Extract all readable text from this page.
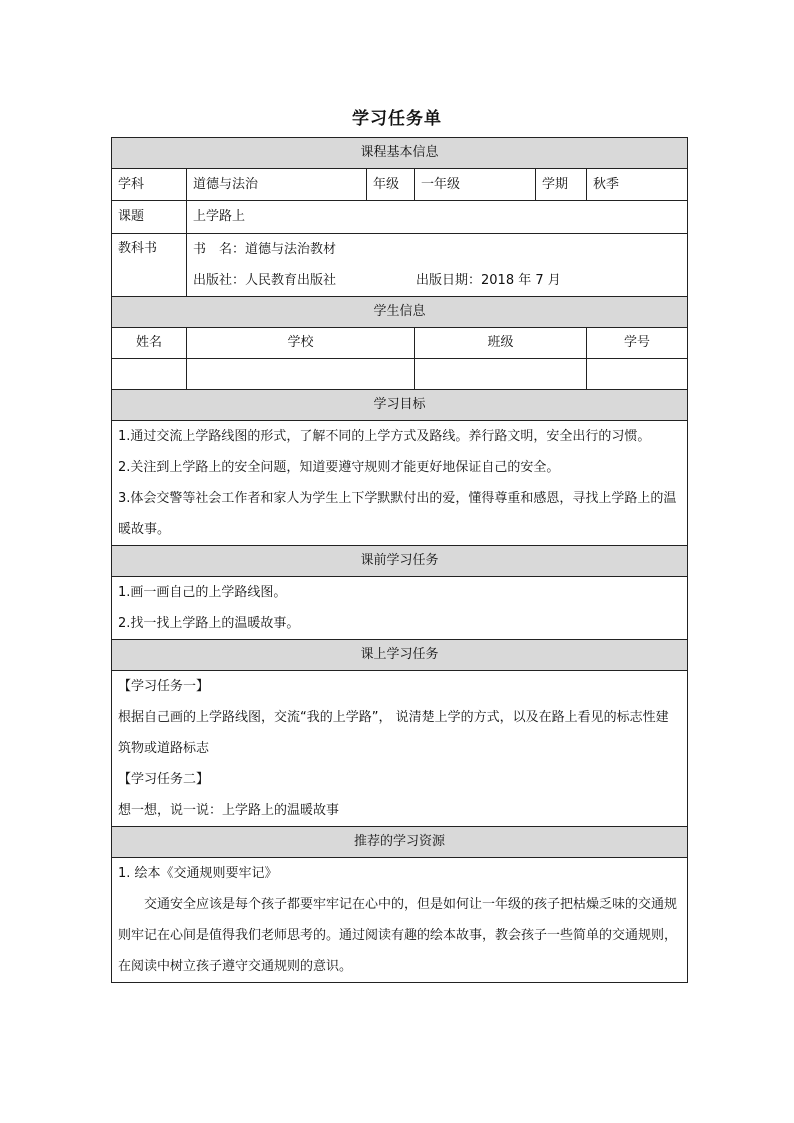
学习任务单
课程基本信息					
学科	道德与法治	年级	一年级	学期	秋季
课题	上学路上				
教科书	书　名：道德与法治教材
出版社：人民教育出版社 出版日期：2018 年 7 月				

学生信息					
姓名	学校		班级		学号

学习目标					

1.通过交流上学路线图的形式，了解不同的上学方式及路线。养行路文明，安全出行的习惯。
2.关注到上学路上的安全问题，知道要遵守规则才能更好地保证自己的安全。
3.体会交警等社会工作者和家人为学生上下学默默付出的爱，懂得尊重和感恩，寻找上学路上的温暖故事。					

课前学习任务					

1.画一画自己的上学路线图。
2.找一找上学路上的温暖故事。					

课上学习任务					

【学习任务一】
根据自己画的上学路线图，交流“我的上学路”， 说清楚上学的方式，以及在路上看见的标志性建筑物或道路标志
【学习任务二】
想一想，说一说：上学路上的温暖故事					

推荐的学习资源					

1. 绘本《交通规则要牢记》
交通安全应该是每个孩子都要牢牢记在心中的，但是如何让一年级的孩子把枯燥乏味的交通规则牢记在心间是值得我们老师思考的。通过阅读有趣的绘本故事，教会孩子一些简单的交通规则，在阅读中树立孩子遵守交通规则的意识。					
